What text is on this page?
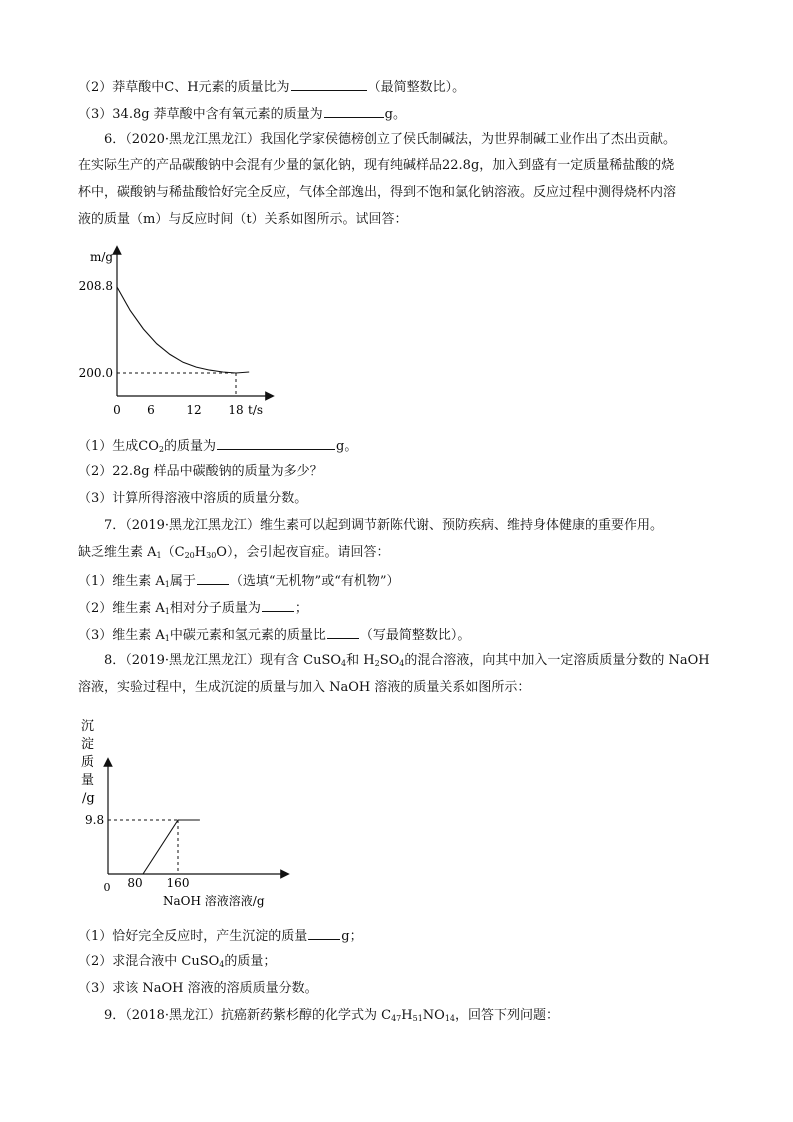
（2）莽草酸中C、H元素的质量比为	（最简整数比）。
（3）34.8g 莽草酸中含有氧元素的质量为	g。
6．（2020·黑龙江黑龙江）我国化学家侯德榜创立了侯氏制碱法，为世界制碱工业作出了杰出贡献。
在实际生产的产品碳酸钠中会混有少量的氯化钠，现有纯碱样品22.8g，加入到盛有一定质量稀盐酸的烧
杯中，碳酸钠与稀盐酸恰好完全反应，气体全部逸出，得到不饱和氯化钠溶液。反应过程中测得烧杯内溶
液的质量（m）与反应时间（t）关系如图所示。试回答：
m/g
t/s
208.8
200.0
0 6	12 18
（1）生成$CO_2$的质量为	g。
（2）22.8g 样品中碳酸钠的质量为多少？
（3）计算所得溶液中溶质的质量分数。
7．（2019·黑龙江黑龙江）维生素可以起到调节新陈代谢、预防疾病、维持身体健康的重要作用。
缺乏维生素 $A_1(C_{20}H_{30}O)$，会引起夜盲症。请回答：
（1）维生素 $A_1$属于	（选填“无机物”或“有机物”）
（2）维生素 $A_1$相对分子质量为	；
（3）维生素 $A_1$中碳元素和氢元素的质量比	（写最简整数比）。
8．（2019·黑龙江黑龙江）现有含 CuSO$_4$和 $H_2SO_4$的混合溶液，向其中加入一定溶质质量分数的 NaOH
溶液，实验过程中，生成沉淀的质量与加入 NaOH 溶液的质量关系如图所示：
沉
淀
质
量
/g
9.8
0 80 160
NaOH 溶液溶液/g
（1）恰好完全反应时，产生沉淀的质量	g；
（2）求混合液中 CuSO$_4$的质量；
（3）求该 NaOH 溶液的溶质质量分数。
9．（2018·黑龙江）抗癌新药紫杉醇的化学式为 $C_{47}H_{51}NO_{14}$，回答下列问题：
